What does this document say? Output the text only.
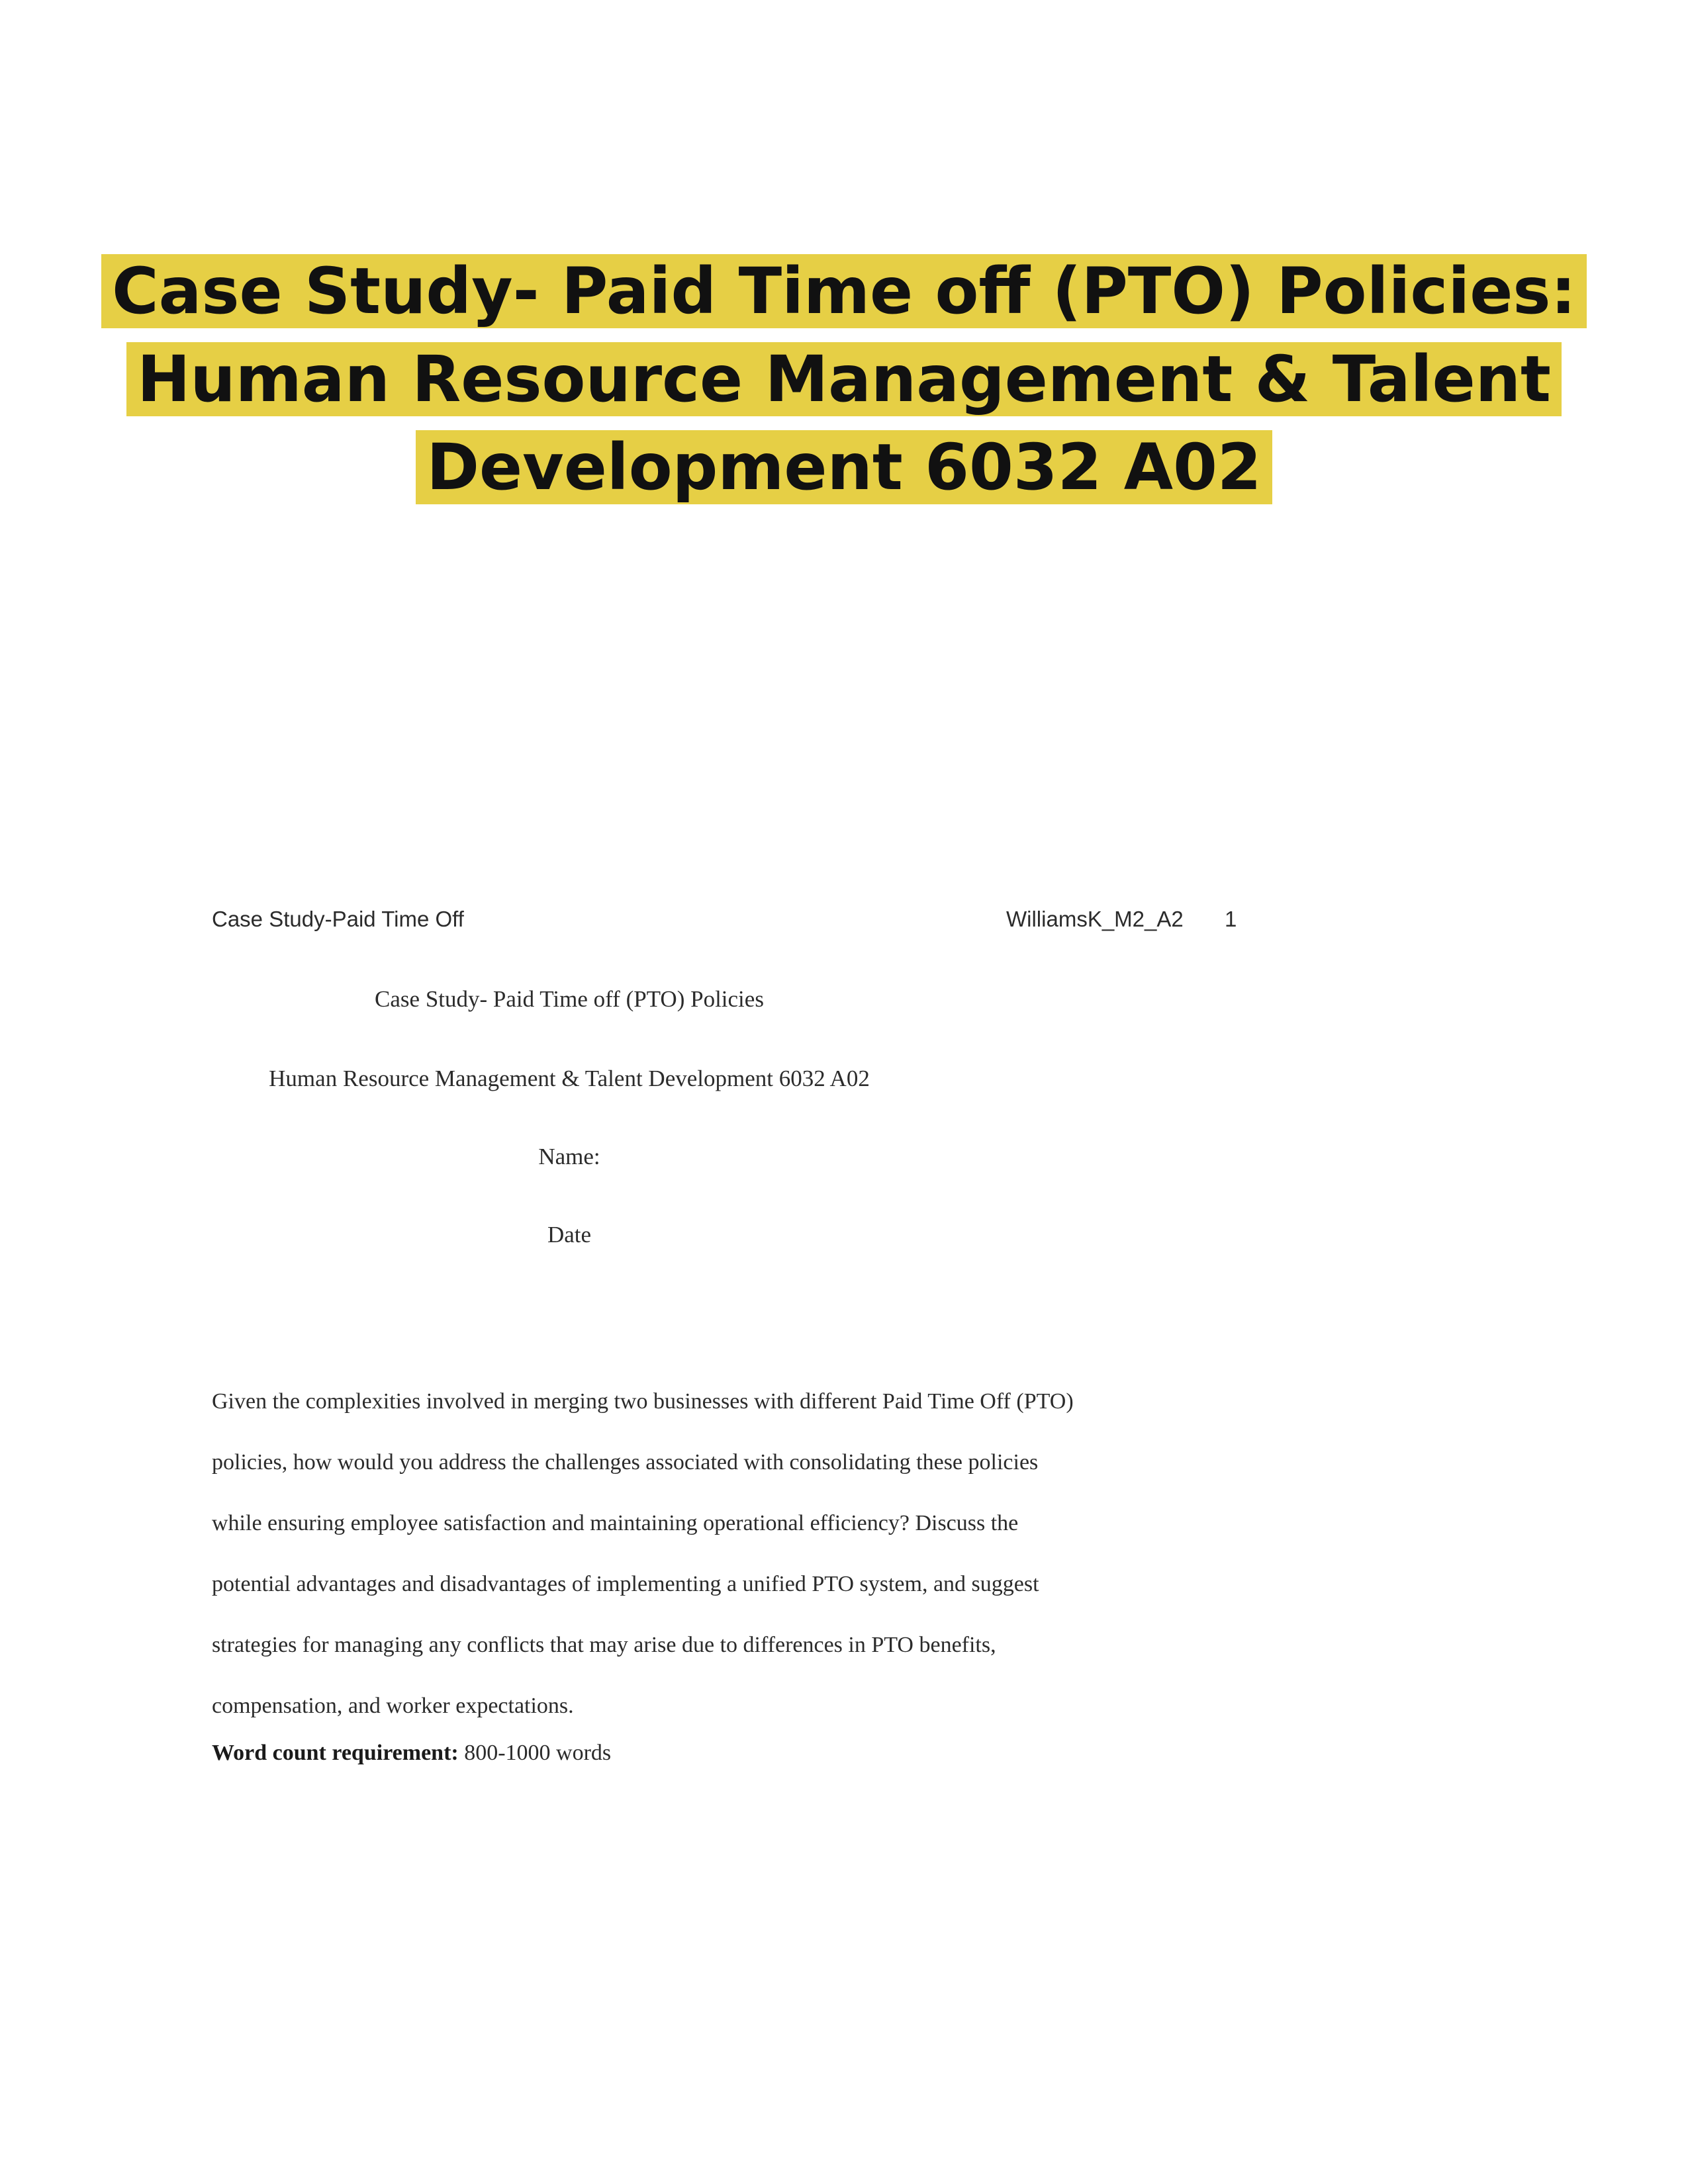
Case Study- Paid Time off (PTO) Policies:
Human Resource Management & Talent
Development 6032 A02
Case Study-Paid Time Off	WilliamsK_M2_A2 1
Case Study- Paid Time off (PTO) Policies
Human Resource Management & Talent Development 6032 A02
Name:
Date
Given the complexities involved in merging two businesses with different Paid Time Off (PTO)
policies, how would you address the challenges associated with consolidating these policies
while ensuring employee satisfaction and maintaining operational efficiency? Discuss the
potential advantages and disadvantages of implementing a unified PTO system, and suggest
strategies for managing any conflicts that may arise due to differences in PTO benefits,
compensation, and worker expectations.
Word count requirement: 800-1000 words
